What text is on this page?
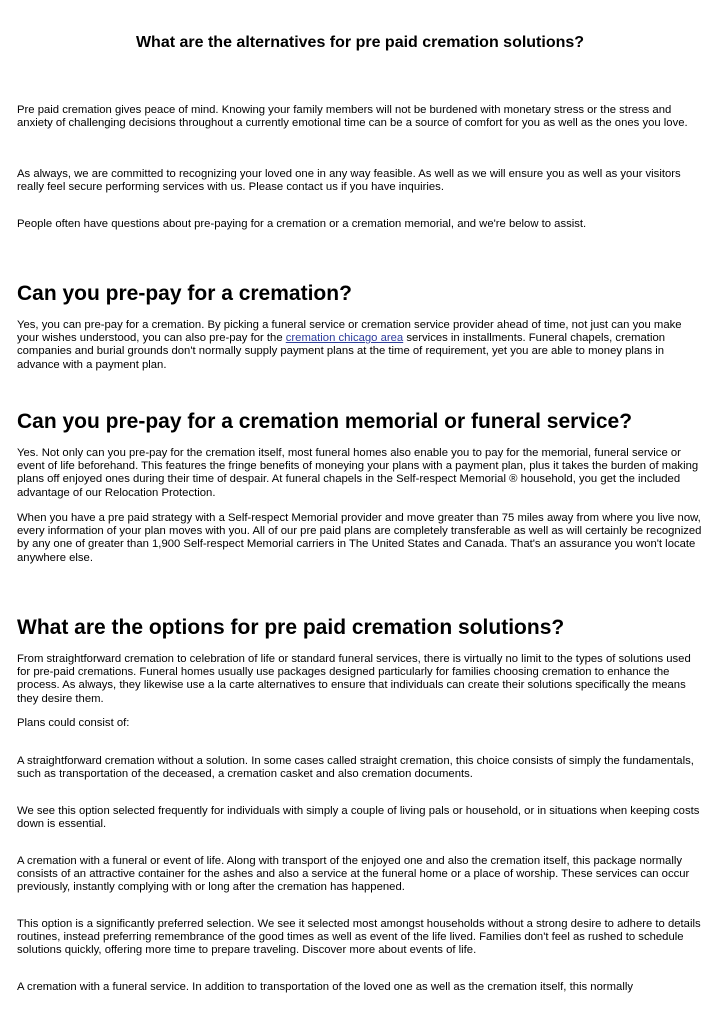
What are the alternatives for pre paid cremation solutions?

Pre paid cremation gives peace of mind. Knowing your family members will not be burdened with monetary stress or the stress and anxiety of challenging decisions throughout a currently emotional time can be a source of comfort for you as well as the ones you love.

As always, we are committed to recognizing your loved one in any way feasible. As well as we will ensure you as well as your visitors really feel secure performing services with us. Please contact us if you have inquiries.

People often have questions about pre-paying for a cremation or a cremation memorial, and we're below to assist.

Can you pre-pay for a cremation?

Yes, you can pre-pay for a cremation. By picking a funeral service or cremation service provider ahead of time, not just can you make your wishes understood, you can also pre-pay for the cremation chicago area services in installments. Funeral chapels, cremation companies and burial grounds don't normally supply payment plans at the time of requirement, yet you are able to money plans in advance with a payment plan.

Can you pre-pay for a cremation memorial or funeral service?

Yes. Not only can you pre-pay for the cremation itself, most funeral homes also enable you to pay for the memorial, funeral service or event of life beforehand. This features the fringe benefits of moneying your plans with a payment plan, plus it takes the burden of making plans off enjoyed ones during their time of despair. At funeral chapels in the Self-respect Memorial ® household, you get the included advantage of our Relocation Protection.

When you have a pre paid strategy with a Self-respect Memorial provider and move greater than 75 miles away from where you live now, every information of your plan moves with you. All of our pre paid plans are completely transferable as well as will certainly be recognized by any one of greater than 1,900 Self-respect Memorial carriers in The United States and Canada. That's an assurance you won't locate anywhere else.

What are the options for pre paid cremation solutions?

From straightforward cremation to celebration of life or standard funeral services, there is virtually no limit to the types of solutions used for pre-paid cremations. Funeral homes usually use packages designed particularly for families choosing cremation to enhance the process. As always, they likewise use a la carte alternatives to ensure that individuals can create their solutions specifically the means they desire them.

Plans could consist of:

A straightforward cremation without a solution. In some cases called straight cremation, this choice consists of simply the fundamentals, such as transportation of the deceased, a cremation casket and also cremation documents.

We see this option selected frequently for individuals with simply a couple of living pals or household, or in situations when keeping costs down is essential.

A cremation with a funeral or event of life. Along with transport of the enjoyed one and also the cremation itself, this package normally consists of an attractive container for the ashes and also a service at the funeral home or a place of worship. These services can occur previously, instantly complying with or long after the cremation has happened.

This option is a significantly preferred selection. We see it selected most amongst households without a strong desire to adhere to details routines, instead preferring remembrance of the good times as well as event of the life lived. Families don't feel as rushed to schedule solutions quickly, offering more time to prepare traveling. Discover more about events of life.

A cremation with a funeral service. In addition to transportation of the loved one as well as the cremation itself, this normally
